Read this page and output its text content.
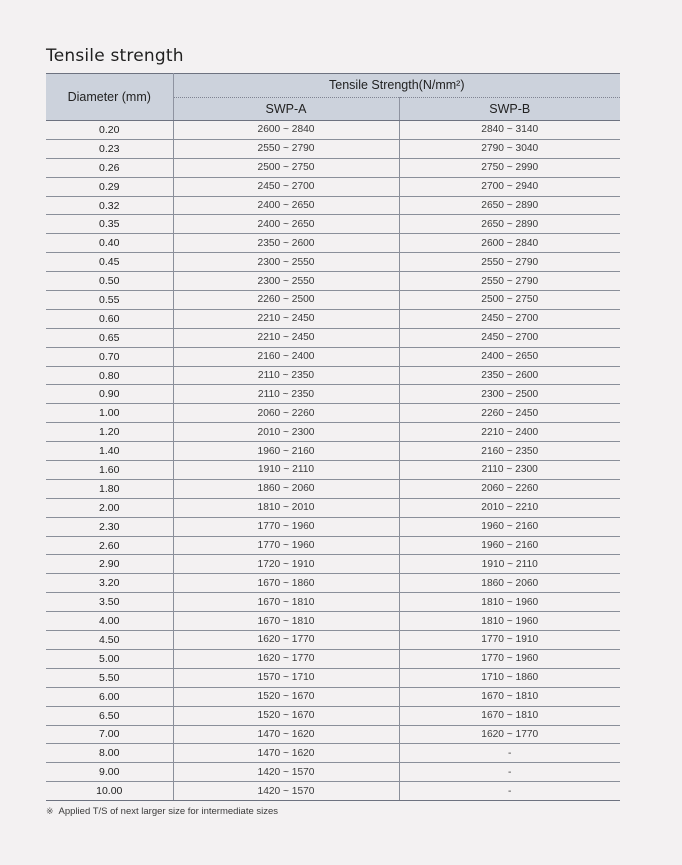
Tensile strength
Diameter (mm)	Tensile Strength(N/mm²)	
	SWP-A	SWP-B
0.20	2600 ~ 2840	2840 ~ 3140
0.23	2550 ~ 2790	2790 ~ 3040
0.26	2500 ~ 2750	2750 ~ 2990
0.29	2450 ~ 2700	2700 ~ 2940
0.32	2400 ~ 2650	2650 ~ 2890
0.35	2400 ~ 2650	2650 ~ 2890
0.40	2350 ~ 2600	2600 ~ 2840
0.45	2300 ~ 2550	2550 ~ 2790
0.50	2300 ~ 2550	2550 ~ 2790
0.55	2260 ~ 2500	2500 ~ 2750
0.60	2210 ~ 2450	2450 ~ 2700
0.65	2210 ~ 2450	2450 ~ 2700
0.70	2160 ~ 2400	2400 ~ 2650
0.80	2110 ~ 2350	2350 ~ 2600
0.90	2110 ~ 2350	2300 ~ 2500
1.00	2060 ~ 2260	2260 ~ 2450
1.20	2010 ~ 2300	2210 ~ 2400
1.40	1960 ~ 2160	2160 ~ 2350
1.60	1910 ~ 2110	2110 ~ 2300
1.80	1860 ~ 2060	2060 ~ 2260
2.00	1810 ~ 2010	2010 ~ 2210
2.30	1770 ~ 1960	1960 ~ 2160
2.60	1770 ~ 1960	1960 ~ 2160
2.90	1720 ~ 1910	1910 ~ 2110
3.20	1670 ~ 1860	1860 ~ 2060
3.50	1670 ~ 1810	1810 ~ 1960
4.00	1670 ~ 1810	1810 ~ 1960
4.50	1620 ~ 1770	1770 ~ 1910
5.00	1620 ~ 1770	1770 ~ 1960
5.50	1570 ~ 1710	1710 ~ 1860
6.00	1520 ~ 1670	1670 ~ 1810
6.50	1520 ~ 1670	1670 ~ 1810
7.00	1470 ~ 1620	1620 ~ 1770
8.00	1470 ~ 1620	-
9.00	1420 ~ 1570	-
10.00	1420 ~ 1570	-
※ Applied T/S of next larger size for intermediate sizes
